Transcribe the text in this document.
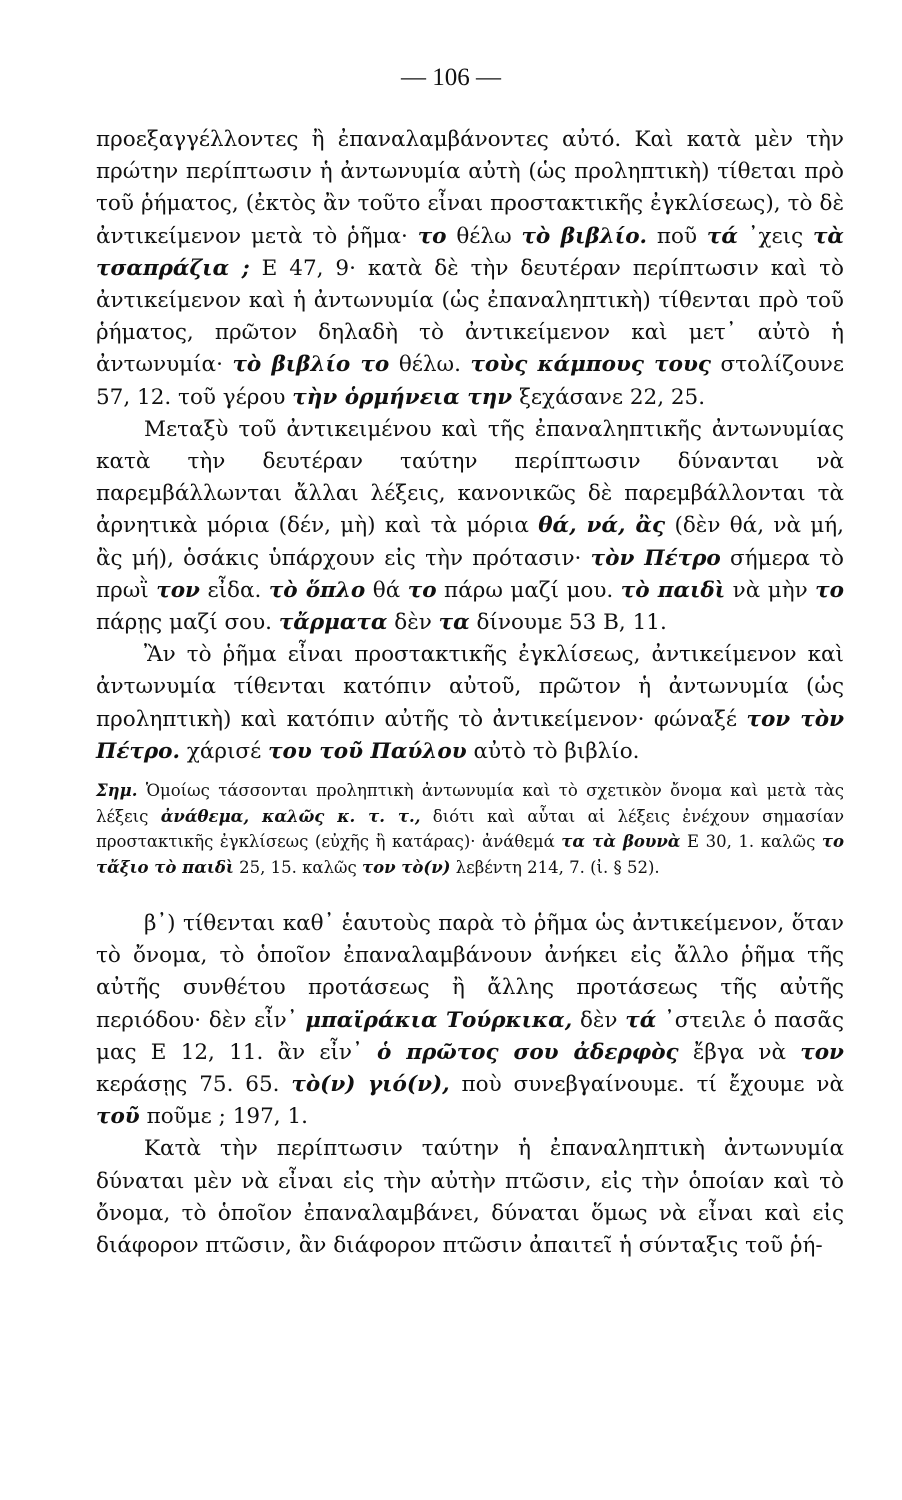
— 106 —

προεξαγγέλλοντες ἢ ἐπαναλαμβάνοντες αὐτό. Καὶ κατὰ μὲν τὴν πρώτην περίπτωσιν ἡ ἀντωνυμία αὐτὴ (ὡς προληπτικὴ) τίθεται πρὸ τοῦ ῥήματος, (ἐκτὸς ἂν τοῦτο εἶναι προστακτικῆς ἐγκλίσεως), τὸ δὲ ἀντικείμενον μετὰ τὸ ῥῆμα· το θέλω τὸ βιβλίο. ποῦ τά ᾽χεις τὰ τσαπράζια ; Ε 47, 9· κατὰ δὲ τὴν δευτέραν περίπτωσιν καὶ τὸ ἀντικείμενον καὶ ἡ ἀντωνυμία (ὡς ἐπαναληπτικὴ) τίθενται πρὸ τοῦ ῥήματος, πρῶτον δηλαδὴ τὸ ἀντικείμενον καὶ μετ᾽ αὐτὸ ἡ ἀντωνυμία· τὸ βιβλίο το θέλω. τοὺς κάμπους τους στολίζουνε 57, 12. τοῦ γέρου τὴν ὁρμήνεια την ξεχάσανε 22, 25.

Μεταξὺ τοῦ ἀντικειμένου καὶ τῆς ἐπαναληπτικῆς ἀντωνυμίας κατὰ τὴν δευτέραν ταύτην περίπτωσιν δύνανται νὰ παρεμβάλλωνται ἄλλαι λέξεις, κανονικῶς δὲ παρεμβάλλονται τὰ ἀρνητικὰ μόρια (δέν, μὴ) καὶ τὰ μόρια θά, νά, ἂς (δὲν θά, νὰ μή, ἂς μή), ὁσάκις ὑπάρχουν εἰς τὴν πρότασιν· τὸν Πέτρο σήμερα τὸ πρωῒ τον εἶδα. τὸ ὅπλο θά το πάρω μαζί μου. τὸ παιδὶ νὰ μὴν το πάρῃς μαζί σου. τἄρματα δὲν τα δίνουμε 53 Β, 11.

Ἂν τὸ ῥῆμα εἶναι προστακτικῆς ἐγκλίσεως, ἀντικείμενον καὶ ἀντωνυμία τίθενται κατόπιν αὐτοῦ, πρῶτον ἡ ἀντωνυμία (ὡς προληπτικὴ) καὶ κατόπιν αὐτῆς τὸ ἀντικείμενον· φώναξέ τον τὸν Πέτρο. χάρισέ του τοῦ Παύλου αὐτὸ τὸ βιβλίο.

Σημ. Ὁμοίως τάσσονται προληπτικὴ ἀντωνυμία καὶ τὸ σχετικὸν ὄνομα καὶ μετὰ τὰς λέξεις ἀνάθεμα, καλῶς κ. τ. τ., διότι καὶ αὗται αἱ λέξεις ἐνέχουν σημασίαν προστακτικῆς ἐγκλίσεως (εὐχῆς ἢ κατάρας)· ἀνάθεμά τα τὰ βουνὰ Ε 30, 1. καλῶς το τἄξιο τὸ παιδὶ 25, 15. καλῶς τον τὸ(ν) λεβέντη 214, 7. (ἰ. § 52).

β᾽) τίθενται καθ᾽ ἑαυτοὺς παρὰ τὸ ῥῆμα ὡς ἀντικείμενον, ὅταν τὸ ὄνομα, τὸ ὁποῖον ἐπαναλαμβάνουν ἀνήκει εἰς ἄλλο ῥῆμα τῆς αὐτῆς συνθέτου προτάσεως ἢ ἄλλης προτάσεως τῆς αὐτῆς περιόδου· δὲν εἶν᾽ μπαϊράκια Τούρκικα, δὲν τά ᾽στειλε ὁ πασᾶς μας Ε 12, 11. ἂν εἶν᾽ ὁ πρῶτος σου ἀδερφὸς ἔβγα νὰ τον κεράσῃς 75. 65. τὸ(ν) γιό(ν), ποὺ συνεβγαίνουμε. τί ἔχουμε νὰ τοῦ ποῦμε ; 197, 1.

Κατὰ τὴν περίπτωσιν ταύτην ἡ ἐπαναληπτικὴ ἀντωνυμία δύναται μὲν νὰ εἶναι εἰς τὴν αὐτὴν πτῶσιν, εἰς τὴν ὁποίαν καὶ τὸ ὄνομα, τὸ ὁποῖον ἐπαναλαμβάνει, δύναται ὅμως νὰ εἶναι καὶ εἰς διάφορον πτῶσιν, ἂν διάφορον πτῶσιν ἀπαιτεῖ ἡ σύνταξις τοῦ ῥή-
